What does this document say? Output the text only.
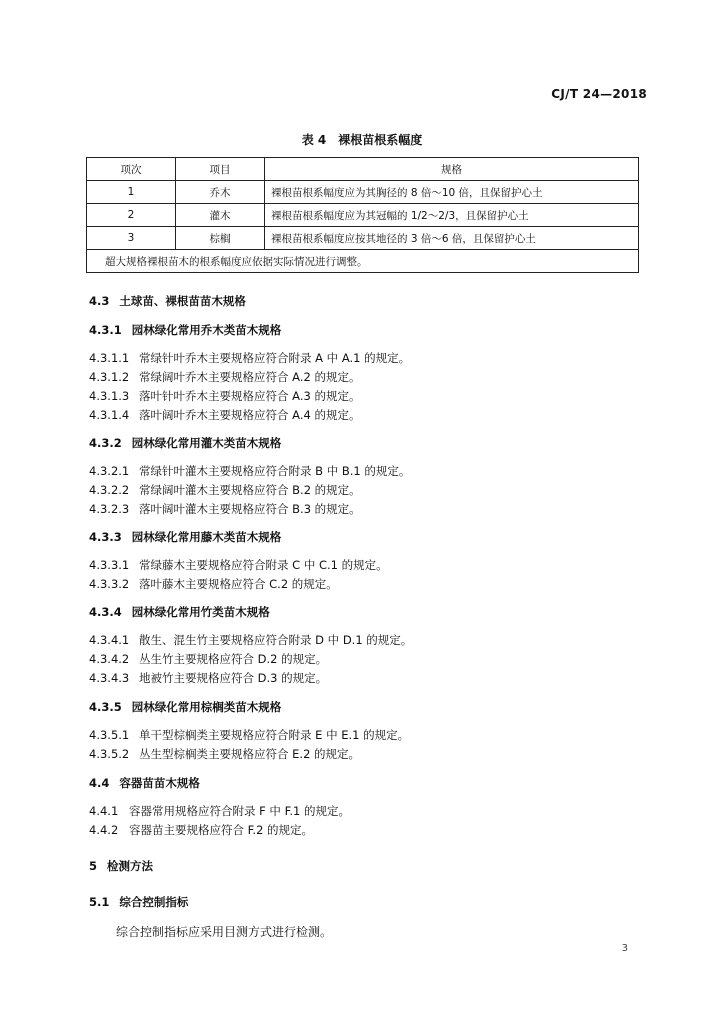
CJ/T 24—2018
表 4　裸根苗根系幅度
项次	项目	规格
1	乔木	裸根苗根系幅度应为其胸径的 8 倍～10 倍，且保留护心土
2	灌木	裸根苗根系幅度应为其冠幅的 1/2～2/3，且保留护心土
3	棕榈	裸根苗根系幅度应按其地径的 3 倍～6 倍，且保留护心土
超大规格裸根苗木的根系幅度应依据实际情况进行调整。		
4.3 土球苗、裸根苗苗木规格
4.3.1 园林绿化常用乔木类苗木规格
4.3.1.1 常绿针叶乔木主要规格应符合附录 A 中 A.1 的规定。
4.3.1.2 常绿阔叶乔木主要规格应符合 A.2 的规定。
4.3.1.3 落叶针叶乔木主要规格应符合 A.3 的规定。
4.3.1.4 落叶阔叶乔木主要规格应符合 A.4 的规定。
4.3.2 园林绿化常用灌木类苗木规格
4.3.2.1 常绿针叶灌木主要规格应符合附录 B 中 B.1 的规定。
4.3.2.2 常绿阔叶灌木主要规格应符合 B.2 的规定。
4.3.2.3 落叶阔叶灌木主要规格应符合 B.3 的规定。
4.3.3 园林绿化常用藤木类苗木规格
4.3.3.1 常绿藤木主要规格应符合附录 C 中 C.1 的规定。
4.3.3.2 落叶藤木主要规格应符合 C.2 的规定。
4.3.4 园林绿化常用竹类苗木规格
4.3.4.1 散生、混生竹主要规格应符合附录 D 中 D.1 的规定。
4.3.4.2 丛生竹主要规格应符合 D.2 的规定。
4.3.4.3 地被竹主要规格应符合 D.3 的规定。
4.3.5 园林绿化常用棕榈类苗木规格
4.3.5.1 单干型棕榈类主要规格应符合附录 E 中 E.1 的规定。
4.3.5.2 丛生型棕榈类主要规格应符合 E.2 的规定。
4.4 容器苗苗木规格
4.4.1 容器常用规格应符合附录 F 中 F.1 的规定。
4.4.2 容器苗主要规格应符合 F.2 的规定。
5 检测方法
5.1 综合控制指标
综合控制指标应采用目测方式进行检测。
3
